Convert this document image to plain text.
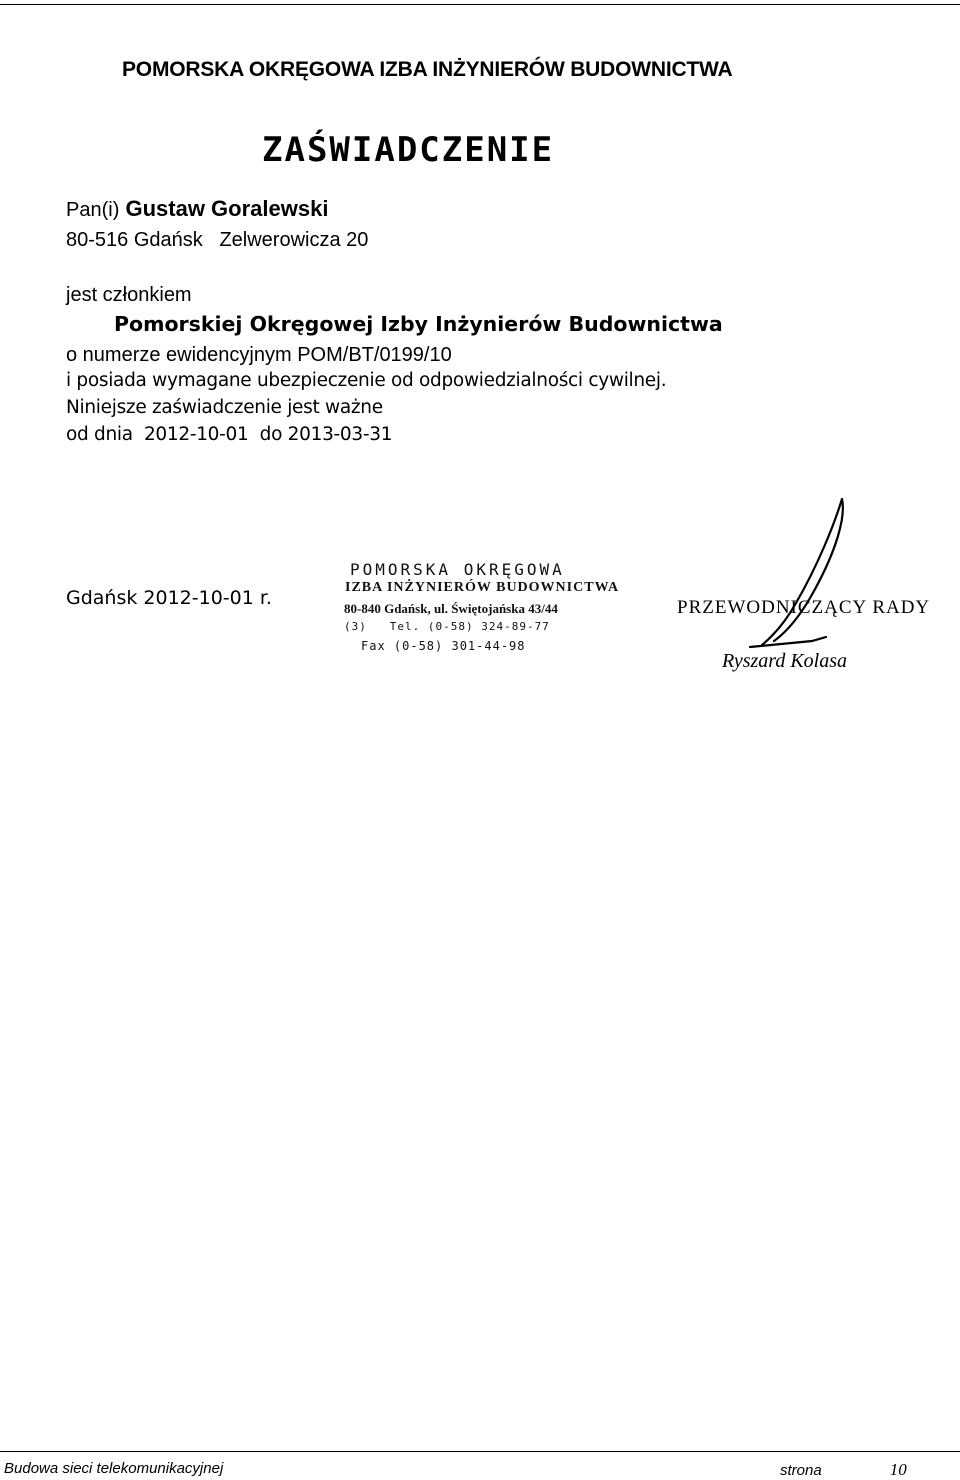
POMORSKA OKRĘGOWA IZBA INŻYNIERÓW BUDOWNICTWA
ZAŚWIADCZENIE
Pan(i) Gustaw Goralewski
80-516 Gdańsk Zelwerowicza 20
jest członkiem
Pomorskiej Okręgowej Izby Inżynierów Budownictwa
o numerze ewidencyjnym POM/BT/0199/10
i posiada wymagane ubezpieczenie od odpowiedzialności cywilnej.
Niniejsze zaświadczenie jest ważne
od dnia  2012-10-01  do 2013-03-31
Gdańsk 2012-10-01 r.
POMORSKA OKRĘGOWA
IZBA INŻYNIERÓW BUDOWNICTWA
80-840 Gdańsk, ul. Świętojańska 43/44
(3)   Tel. (0-58) 324-89-77
Fax (0-58) 301-44-98
PRZEWODNICZĄCY RADY
Ryszard Kolasa
Budowa sieci telekomunikacyjnej	strona	10
